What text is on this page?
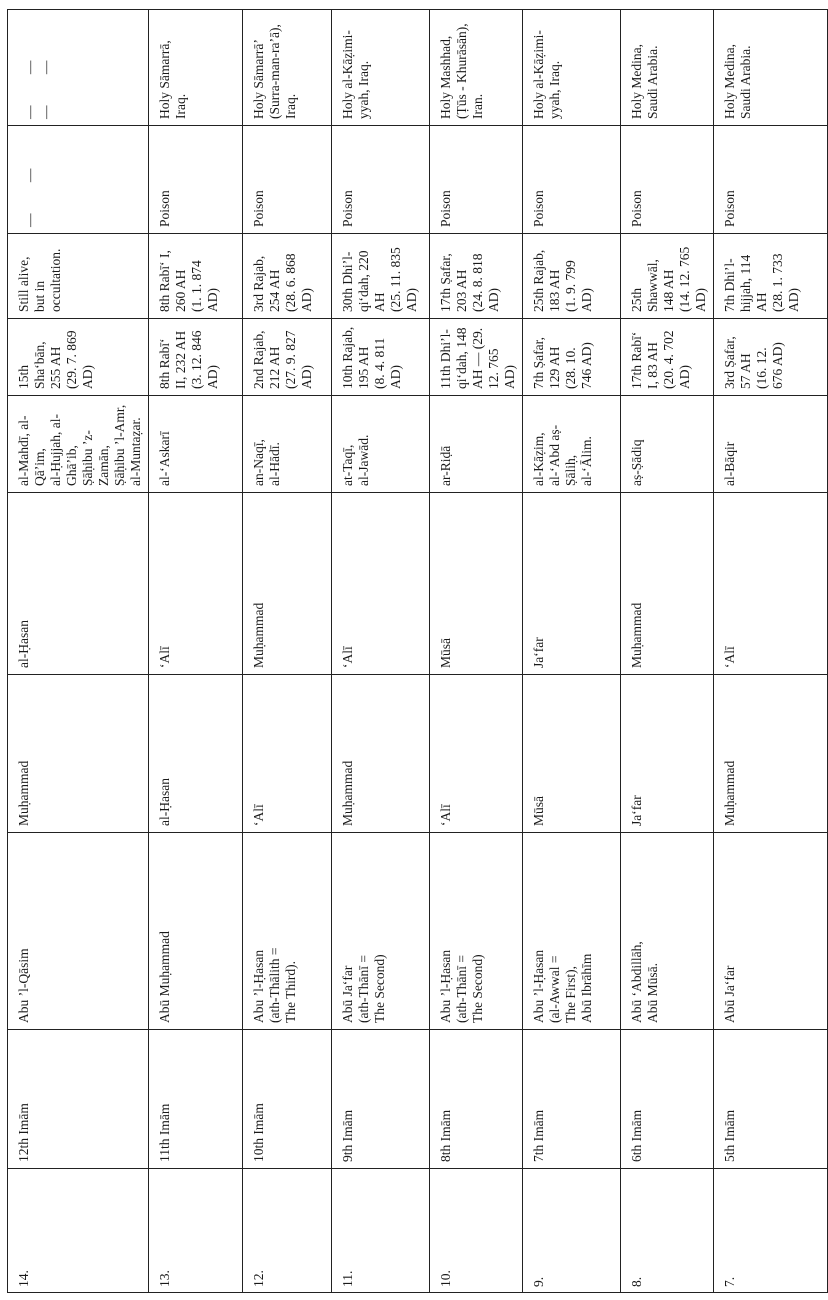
14.	12th Imām	Abu ’l-Qāsim	Muḥammad	al-Ḥasan	al-Mahdī, al-Qā’im,
al-Ḥujjah, al-Ghā’ib,
Ṣāḥibu ’z-Zamān,
Ṣāḥibu ’l-Amr,
al-Muntaẓar.	15th Sha‘bān, 255 AH
(29. 7. 869 AD)	Still alive, but in
occultation.	— —	— — — —

13.	11th Imām	Abū Muḥammad	al-Ḥasan	‘Alī	al-‘Askarī	8th Rabī‘ II, 232 AH
(3. 12. 846 AD)	8th Rabī‘ I, 260 AH
(1. 1. 874 AD)	Poison	Holy Sāmarrā,
Iraq.

12.	10th Imām	Abu ’l-Ḥasan
(ath-Thālith =
The Third).	‘Alī	Muḥammad	an-Naqī,
al-Hādī.	2nd Rajab, 212 AH
(27. 9. 827 AD)	3rd Rajab, 254 AH
(28. 6. 868 AD)	Poison	Holy Sāmarrā’
(Surra-man-ra’ā),
Iraq.

11.	9th Imām	Abū Ja‘far
(ath-Thānī =
The Second)	Muḥammad	‘Alī	at-Taqī,
al-Jawād.	10th Rajab, 195 AH
(8. 4. 811 AD)	30th Dhi’l-qi‘dah, 220 AH
(25. 11. 835 AD)	Poison	Holy al-Kāẓimi-
yyah, Iraq.

10.	8th Imām	Abu ’l-Ḥasan
(ath-Thānī =
The Second)	‘Alī	Mūsā	ar-Riḍā	11th Dhi’l-qi‘dah, 148
AH — (29. 12. 765 AD)	17th Ṣafar, 203 AH
(24. 8. 818 AD)	Poison	Holy Mashhad,
(Ṭūs - Khurāsān),
Iran.

9.	7th Imām	Abu ’l-Ḥasan
(al-Awwal =
The First),
Abū Ibrāhīm	Mūsā	Ja‘far	al-Kāẓim,
al-‘Abd aṣ-Ṣāliḥ,
al-‘Ālim.	7th Ṣafar, 129 AH
(28. 10. 746 AD)	25th Rajab, 183 AH
(1. 9. 799 AD)	Poison	Holy al-Kāẓimi-
yyah, Iraq.

8.	6th Imām	Abū ‘Abdillāh,
Abū Mūsā.	Ja‘far	Muḥammad	aṣ-Ṣādiq	17th Rabī‘ I, 83 AH
(20. 4. 702 AD)	25th Shawwāl, 148 AH
(14. 12. 765 AD)	Poison	Holy Medina,
Saudi Arabia.

7.	5th Imām	Abū Ja‘far	Muḥammad	‘Alī	al-Bāqir	3rd Ṣafar, 57 AH
(16. 12. 676 AD)	7th Dhi’l-hijjah, 114 AH
(28. 1. 733 AD)	Poison	Holy Medina,
Saudi Arabia.
